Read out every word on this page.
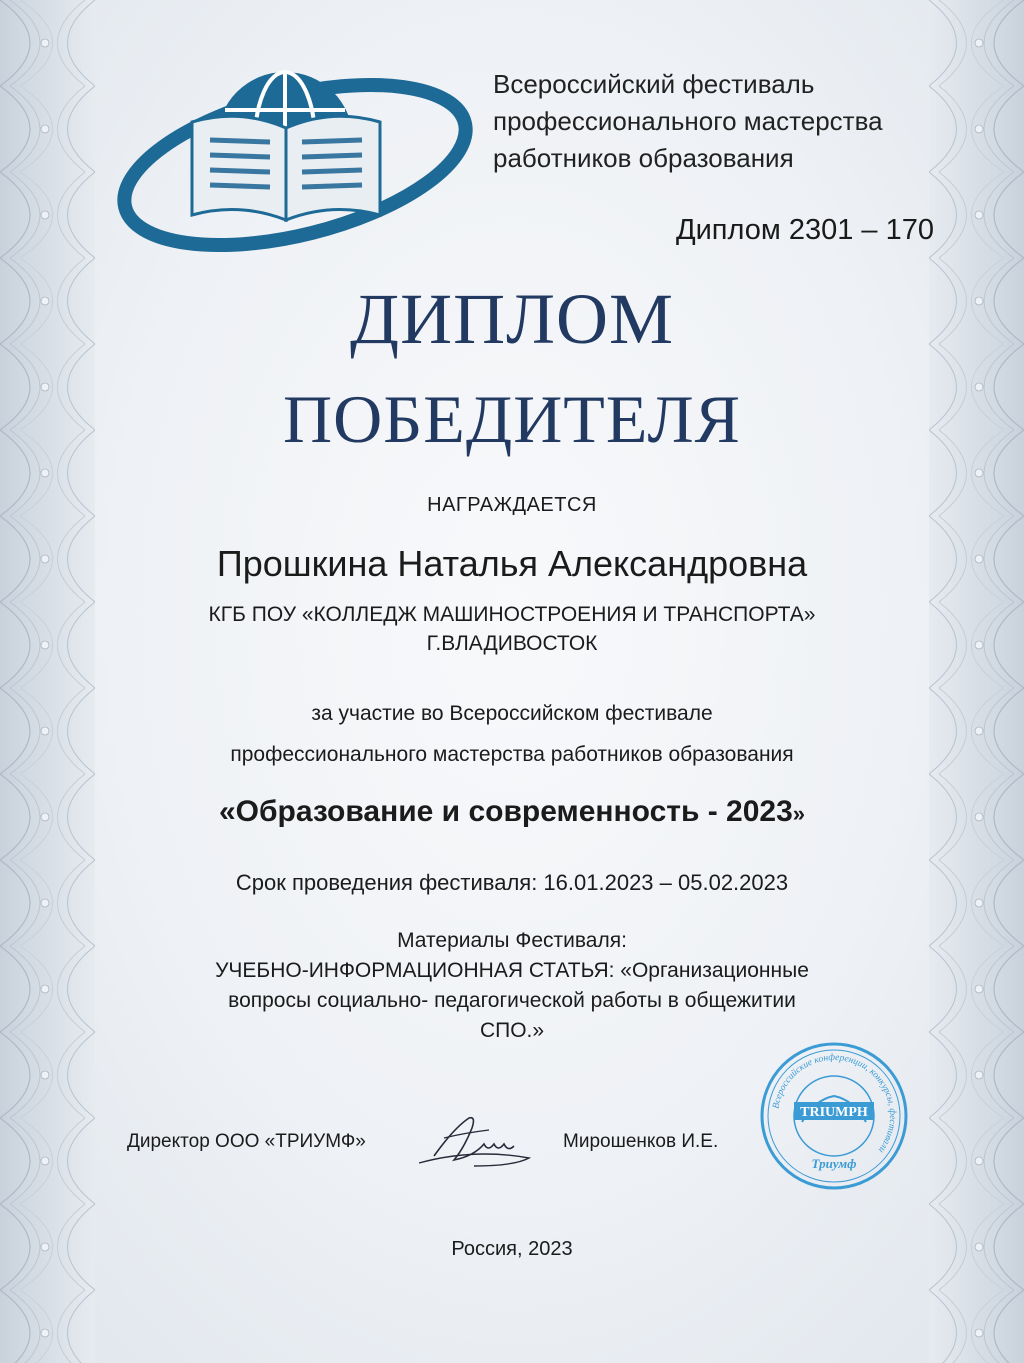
Всероссийский фестиваль
профессионального мастерства
работников образования
Диплом 2301 – 170
ДИПЛОМ
ПОБЕДИТЕЛЯ
НАГРАЖДАЕТСЯ
Прошкина Наталья Александровна
КГБ ПОУ «КОЛЛЕДЖ МАШИНОСТРОЕНИЯ И ТРАНСПОРТА»
Г.ВЛАДИВОСТОК
за участие во Всероссийском фестивале
профессионального мастерства работников образования
«Образование и современность - 2023»
Срок проведения фестиваля: 16.01.2023 – 05.02.2023
Материалы Фестиваля:
УЧЕБНО-ИНФОРМАЦИОННАЯ СТАТЬЯ: «Организационные
вопросы социально- педагогической работы в общежитии
СПО.»
Директор ООО «ТРИУМФ»	Мирошенков И.Е.
Всероссийские конференции, конкурсы, фестивали
TRIUMPH
Триумф
Россия, 2023
